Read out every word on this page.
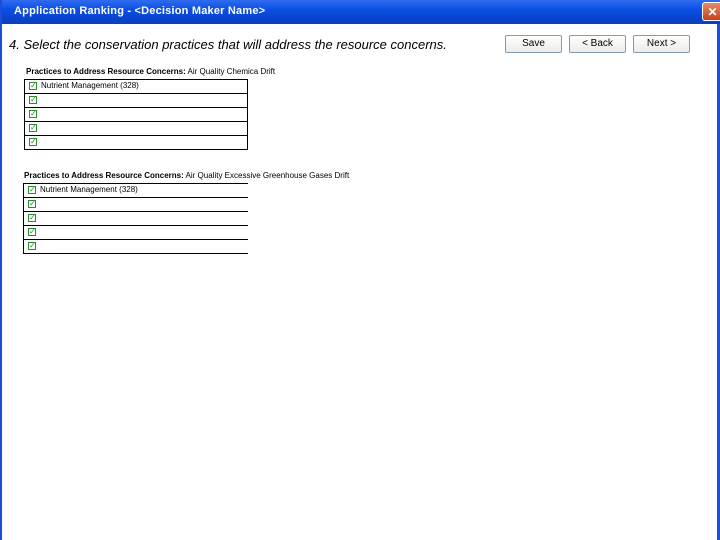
Application Ranking - <Decision Maker Name>	✕
4. Select the conservation practices that will address the resource concerns.	Save	< Back	Next >
Practices to Address Resource Concerns: Air Quality Chemica Drift
✓ Nutrient Management (328)
✓
✓
✓
✓
Practices to Address Resource Concerns: Air Quality Excessive Greenhouse Gases Drift
✓ Nutrient Management (328)
✓
✓
✓
✓
